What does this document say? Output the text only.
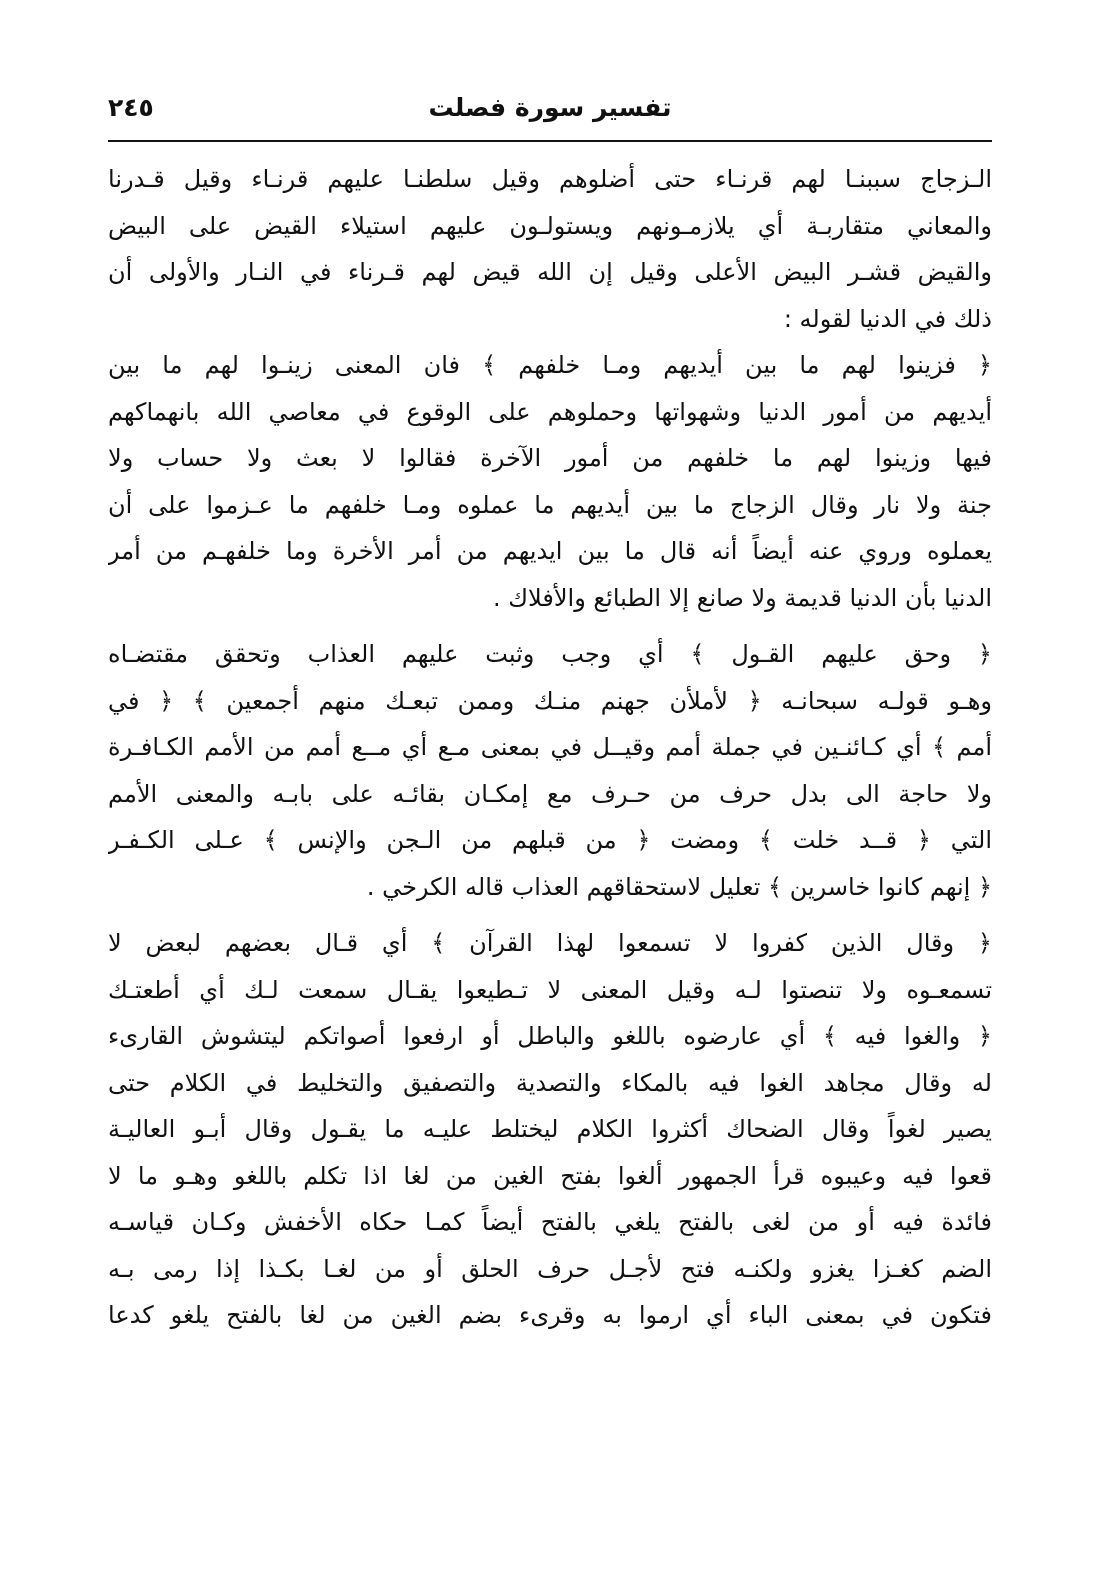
تفسير سورة فصلت
٢٤٥
الـزجاج سببنـا لهم قرنـاء حتى أضلوهم وقيل سلطنـا عليهم قرنـاء وقيل قـدرنا
والمعاني متقاربـة أي يلازمـونهم ويستولـون عليهم استيلاء القيض على البيض
والقيض قشـر البيض الأعلى وقيل إن الله قيض لهم قـرناء في النـار والأولى أن
ذلك في الدنيا لقوله :
﴿ فزينوا لهم ما بين أيديهم ومـا خلفهم ﴾ فان المعنى زينـوا لهم ما بين
أيديهم من أمور الدنيا وشهواتها وحملوهم على الوقوع في معاصي الله بانهماكهم
فيها وزينوا لهم ما خلفهم من أمور الآخرة فقالوا لا بعث ولا حساب ولا
جنة ولا نار وقال الزجاج ما بين أيديهم ما عملوه ومـا خلفهم ما عـزموا على أن
يعملوه وروي عنه أيضاً أنه قال ما بين ايديهم من أمر الأخرة وما خلفهـم من أمر
الدنيا بأن الدنيا قديمة ولا صانع إلا الطبائع والأفلاك .
﴿ وحق عليهم القـول ﴾ أي وجب وثبت عليهم العذاب وتحقق مقتضـاه
وهـو قولـه سبحانـه ﴿ لأملأن جهنم منـك وممن تبعـك منهم أجمعين ﴾ ﴿ في
أمم ﴾ أي كـائنـين في جملة أمم وقيــل في بمعنى مـع أي مــع أمم من الأمم الكـافـرة
ولا حاجة الى بدل حرف من حـرف مع إمكـان بقائـه على بابـه والمعنى الأمم
التي ﴿ قــد خلت ﴾ ومضت ﴿ من قبلهم من الـجن والإنس ﴾ عـلى الكـفـر
﴿ إنهم كانوا خاسرين ﴾ تعليل لاستحقاقهم العذاب قاله الكرخي .
﴿ وقال الذين كفروا لا تسمعوا لهذا القرآن ﴾ أي قـال بعضهم لبعض لا
تسمعـوه ولا تنصتوا لـه وقيل المعنى لا تـطيعوا يقـال سمعت لـك أي أطعتـك
﴿ والغوا فيه ﴾ أي عارضوه باللغو والباطل أو ارفعوا أصواتكم ليتشوش القارىء
له وقال مجاهد الغوا فيه بالمكاء والتصدية والتصفيق والتخليط في الكلام حتى
يصير لغواً وقال الضحاك أكثروا الكلام ليختلط عليـه ما يقـول وقال أبـو العاليـة
قعوا فيه وعيبوه قرأ الجمهور ألغوا بفتح الغين من لغا اذا تكلم باللغو وهـو ما لا
فائدة فيه أو من لغى بالفتح يلغي بالفتح أيضاً كمـا حكاه الأخفش وكـان قياسـه
الضم كغـزا يغزو ولكنـه فتح لأجـل حرف الحلق أو من لغـا بكـذا إذا رمى بـه
فتكون في بمعنى الباء أي ارموا به وقرىء بضم الغين من لغا بالفتح يلغو كدعا
